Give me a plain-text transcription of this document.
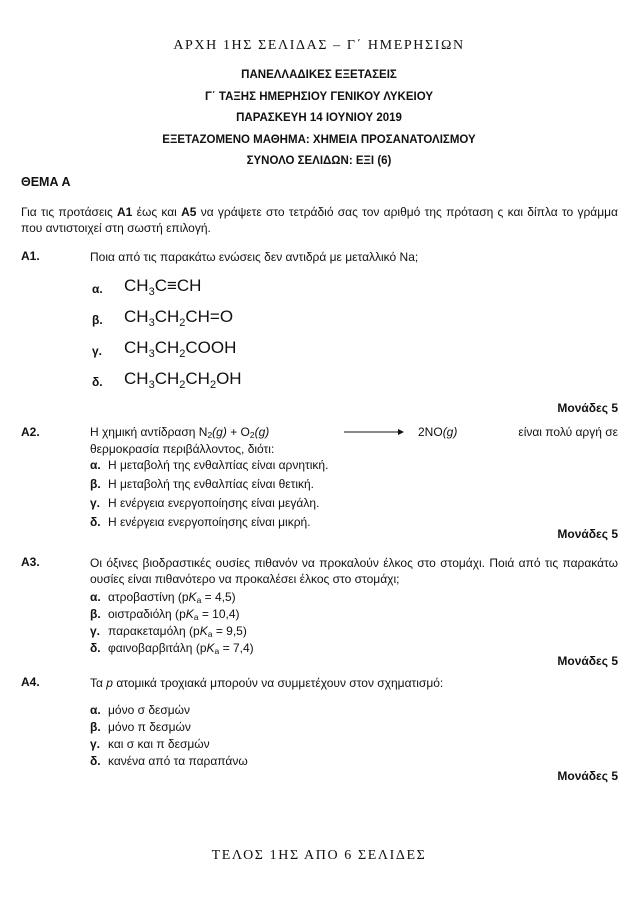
ΑΡΧΗ 1ΗΣ ΣΕΛΙΔΑΣ – Γ΄ ΗΜΕΡΗΣΙΩΝ
ΠΑΝΕΛΛΑΔΙΚΕΣ ΕΞΕΤΑΣΕΙΣ
Γ΄ ΤΑΞΗΣ ΗΜΕΡΗΣΙΟΥ ΓΕΝΙΚΟΥ ΛΥΚΕΙΟΥ
ΠΑΡΑΣΚΕΥΗ 14 ΙΟΥΝΙΟΥ 2019
ΕΞΕΤΑΖΟΜΕΝΟ ΜΑΘΗΜΑ: ΧΗΜΕΙΑ ΠΡΟΣΑΝΑΤΟΛΙΣΜΟΥ
ΣΥΝΟΛΟ ΣΕΛΙΔΩΝ: ΕΞΙ (6)
ΘΕΜΑ Α
Για τις προτάσεις Α1 έως και Α5 να γράψετε στο τετράδιό σας τον αριθμό της πρόταση ς και δίπλα το γράμμα που αντιστοιχεί στη σωστή επιλογή.
Α1.	Ποια από τις παρακάτω ενώσεις δεν αντιδρά με μεταλλικό Na;
α. $CH_3C\equiv CH$
β. $CH_3CH_2CH=O$
γ. $CH_3CH_2COOH$
δ. $CH_3CH_2CH_2OH$
Μονάδες 5
Α2.	Η χημική αντίδραση $N_2(g) + O_2(g)$	→ 2NO(g)	είναι πολύ αργή σε
θερμοκρασία περιβάλλοντος, διότι:
α. Η μεταβολή της ενθαλπίας είναι αρνητική.
β. Η μεταβολή της ενθαλπίας είναι θετική.
γ. Η ενέργεια ενεργοποίησης είναι μεγάλη.
δ. Η ενέργεια ενεργοποίησης είναι μικρή.
Μονάδες 5
Α3.	Οι όξινες βιοδραστικές ουσίες πιθανόν να προκαλούν έλκος στο στομάχι. Ποιά από τις παρακάτω ουσίες είναι πιθανότερο να προκαλέσει έλκος στο στομάχι;
α. ατροβαστίνη $(pK_a = 4,5)$
β. οιστραδιόλη $(pK_a = 10,4)$
γ. παρακεταμόλη $(pK_a = 9,5)$
δ. φαινοβαρβιτάλη $(pK_a = 7,4)$
Μονάδες 5
Α4.	Τα p ατομικά τροχιακά μπορούν να συμμετέχουν στον σχηματισμό:
α. μόνο σ δεσμών
β. μόνο π δεσμών
γ. και σ και π δεσμών
δ. κανένα από τα παραπάνω
Μονάδες 5
ΤΕΛΟΣ 1ΗΣ ΑΠΟ 6 ΣΕΛΙΔΕΣ
